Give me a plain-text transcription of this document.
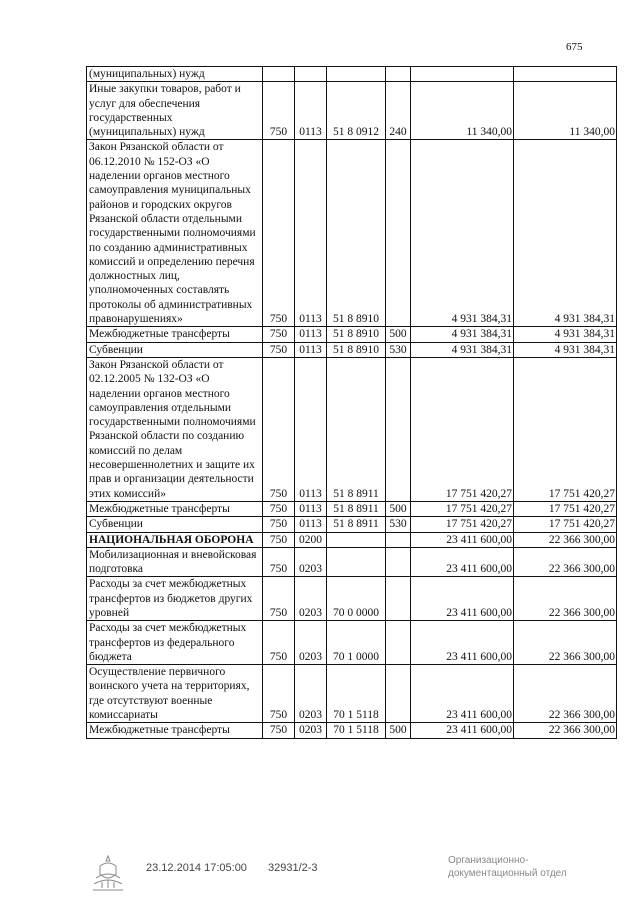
675
(муниципальных) нужд						
Иные закупки товаров, работ и услуг для обеспечения государственных (муниципальных) нужд	750	0113	51 8 0912	240	11 340,00	11 340,00
Закон Рязанской области от 06.12.2010 № 152-ОЗ «О наделении органов местного самоуправления муниципальных районов и городских округов Рязанской области отдельными государственными полномочиями по созданию административных комиссий и определению перечня должностных лиц, уполномоченных составлять протоколы об административных правонарушениях»	750	0113	51 8 8910		4 931 384,31	4 931 384,31
Межбюджетные трансферты	750	0113	51 8 8910	500	4 931 384,31	4 931 384,31
Субвенции	750	0113	51 8 8910	530	4 931 384,31	4 931 384,31
Закон Рязанской области от 02.12.2005 № 132-ОЗ «О наделении органов местного самоуправления отдельными государственными полномочиями Рязанской области по созданию комиссий по делам несовершеннолетних и защите их прав и организации деятельности этих комиссий»	750	0113	51 8 8911		17 751 420,27	17 751 420,27
Межбюджетные трансферты	750	0113	51 8 8911	500	17 751 420,27	17 751 420,27
Субвенции	750	0113	51 8 8911	530	17 751 420,27	17 751 420,27
НАЦИОНАЛЬНАЯ ОБОРОНА	750	0200			23 411 600,00	22 366 300,00
Мобилизационная и вневойсковая подготовка	750	0203			23 411 600,00	22 366 300,00
Расходы за счет межбюджетных трансфертов из бюджетов других уровней	750	0203	70 0 0000		23 411 600,00	22 366 300,00
Расходы за счет межбюджетных трансфертов из федерального бюджета	750	0203	70 1 0000		23 411 600,00	22 366 300,00
Осуществление первичного воинского учета на территориях, где отсутствуют военные комиссариаты	750	0203	70 1 5118		23 411 600,00	22 366 300,00
Межбюджетные трансферты	750	0203	70 1 5118	500	23 411 600,00	22 366 300,00
23.12.2014 17:05:00 32931/2-3
Организационно-
документационный отдел
